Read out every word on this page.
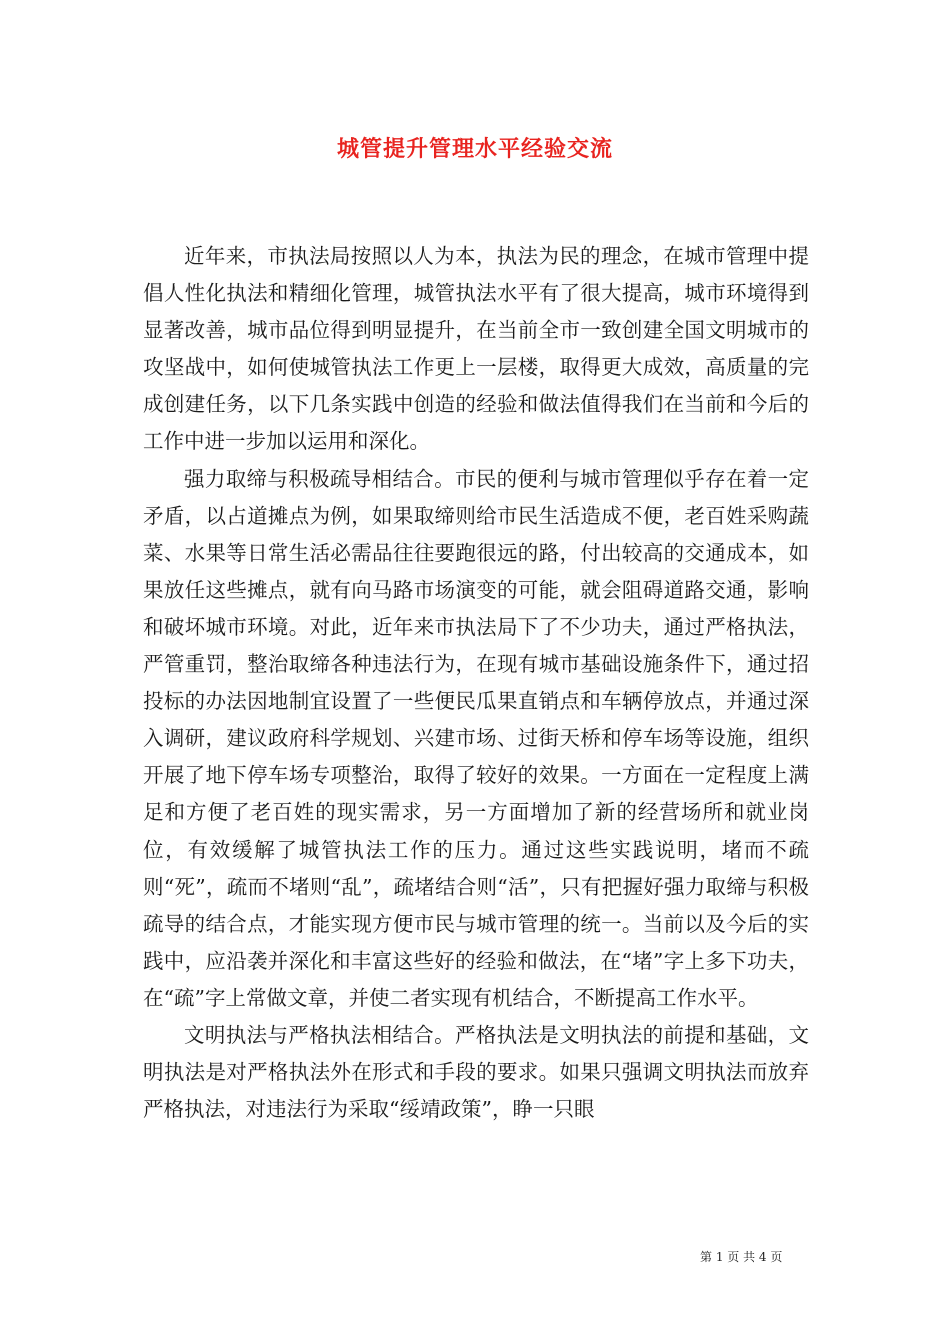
城管提升管理水平经验交流

近年来，市执法局按照以人为本，执法为民的理念，在城市管理中提倡人性化执法和精细化管理，城管执法水平有了很大提高，城市环境得到显著改善，城市品位得到明显提升，在当前全市一致创建全国文明城市的攻坚战中，如何使城管执法工作更上一层楼，取得更大成效，高质量的完成创建任务，以下几条实践中创造的经验和做法值得我们在当前和今后的工作中进一步加以运用和深化。

强力取缔与积极疏导相结合。市民的便利与城市管理似乎存在着一定矛盾，以占道摊点为例，如果取缔则给市民生活造成不便，老百姓采购蔬菜、水果等日常生活必需品往往要跑很远的路，付出较高的交通成本，如果放任这些摊点，就有向马路市场演变的可能，就会阻碍道路交通，影响和破坏城市环境。对此，近年来市执法局下了不少功夫，通过严格执法，严管重罚，整治取缔各种违法行为，在现有城市基础设施条件下，通过招投标的办法因地制宜设置了一些便民瓜果直销点和车辆停放点，并通过深入调研，建议政府科学规划、兴建市场、过街天桥和停车场等设施，组织开展了地下停车场专项整治，取得了较好的效果。一方面在一定程度上满足和方便了老百姓的现实需求，另一方面增加了新的经营场所和就业岗位，有效缓解了城管执法工作的压力。通过这些实践说明，堵而不疏则“死”，疏而不堵则“乱”，疏堵结合则“活”，只有把握好强力取缔与积极疏导的结合点，才能实现方便市民与城市管理的统一。当前以及今后的实践中，应沿袭并深化和丰富这些好的经验和做法，在“堵”字上多下功夫，在“疏”字上常做文章，并使二者实现有机结合，不断提高工作水平。

文明执法与严格执法相结合。严格执法是文明执法的前提和基础，文明执法是对严格执法外在形式和手段的要求。如果只强调文明执法而放弃严格执法，对违法行为采取“绥靖政策”，睁一只眼

第 1 页 共 4 页
